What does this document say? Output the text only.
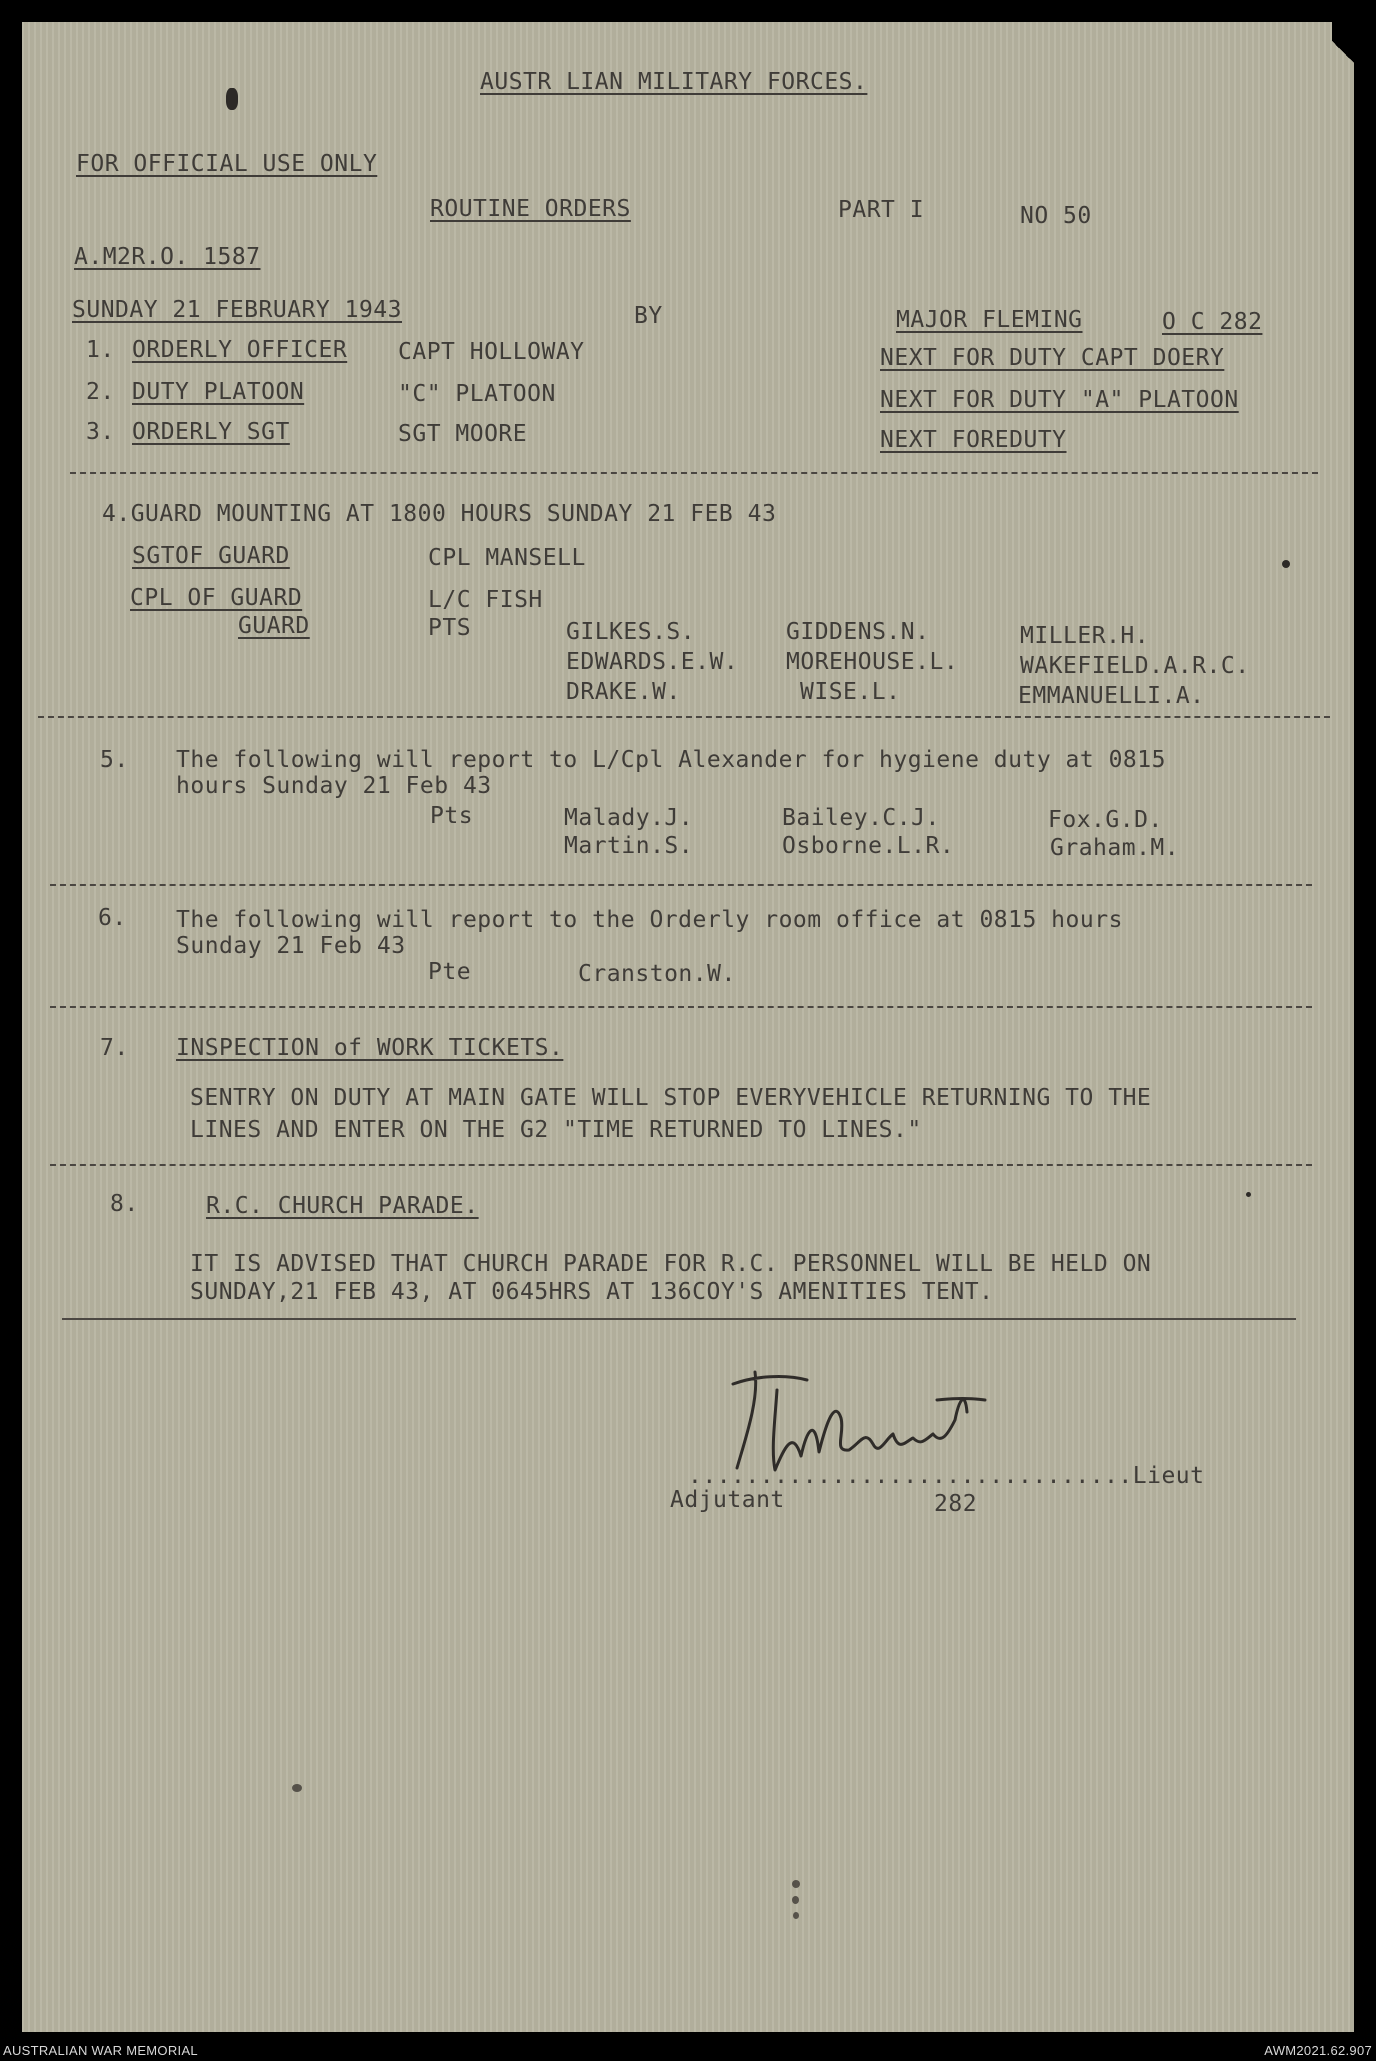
AUSTR LIAN MILITARY FORCES.
FOR OFFICIAL USE ONLY
ROUTINE ORDERS	PART I	NO 50
A.M2R.O. 1587
SUNDAY 21 FEBRUARY 1943	BY	MAJOR FLEMING	O C 282
1. ORDERLY OFFICER CAPT HOLLOWAY	NEXT FOR DUTY CAPT DOERY
2. DUTY PLATOON	"C" PLATOON	NEXT FOR DUTY "A" PLATOON
3. ORDERLY SGT	SGT MOORE	NEXT FOREDUTY
4.GUARD MOUNTING AT 1800 HOURS SUNDAY 21 FEB 43
SGTOF GUARD	CPL MANSELL
CPL OF GUARD	L/C FISH
GUARD	PTS	GILKES.S.	GIDDENS.N.	MILLER.H.
EDWARDS.E.W. MOREHOUSE.L.	WAKEFIELD.A.R.C.
DRAKE.W.	WISE.L.	EMMANUELLI.A.
5. The following will report to L/Cpl Alexander for hygiene duty at 0815
hours Sunday 21 Feb 43
Pts	Malady.J.	Bailey.C.J.	Fox.G.D.
Martin.S.	Osborne.L.R.	Graham.M.
6. The following will report to the Orderly room office at 0815 hours
Sunday 21 Feb 43
Pte	Cranston.W.
7. INSPECTION of WORK TICKETS.
SENTRY ON DUTY AT MAIN GATE WILL STOP EVERYVEHICLE RETURNING TO THE
LINES AND ENTER ON THE G2 "TIME RETURNED TO LINES."
8.	R.C. CHURCH PARADE.
IT IS ADVISED THAT CHURCH PARADE FOR R.C. PERSONNEL WILL BE HELD ON
SUNDAY,21 FEB 43, AT 0645HRS AT 136COY'S AMENITIES TENT.
...............................Lieut
Adjutant	282
AUSTRALIAN WAR MEMORIAL	AWM2021.62.907
